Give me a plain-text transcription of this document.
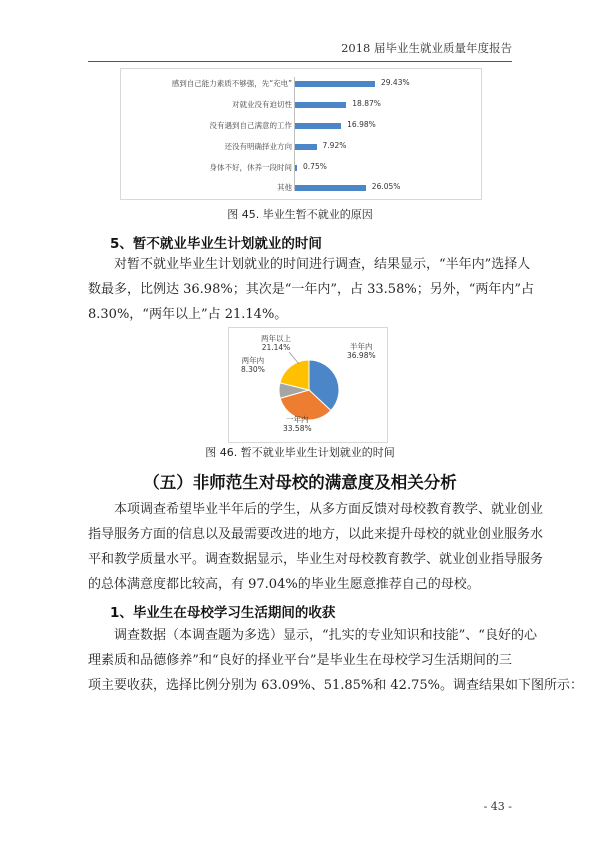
2018 届毕业生就业质量年度报告
感到自己能力素质不够强，先“充电”	29.43%
对就业没有迫切性	18.87%
没有遇到自己满意的工作	16.98%
还没有明确择业方向	7.92%
身体不好，休养一段时间 0.75%
其他	26.05%
图 45. 毕业生暂不就业的原因
5、暂不就业毕业生计划就业的时间
对暂不就业毕业生计划就业的时间进行调查，结果显示，“半年内”选择人
数最多，比例达 36.98%；其次是“一年内”，占 33.58%；另外，“两年内”占
8.30%，“两年以上”占 21.14%。
两年以上
21.14%
两年内
8.30%
半年内
36.98%
一年内
33.58%
图 46. 暂不就业毕业生计划就业的时间
（五）非师范生对母校的满意度及相关分析
本项调查希望毕业半年后的学生，从多方面反馈对母校教育教学、就业创业
指导服务方面的信息以及最需要改进的地方，以此来提升母校的就业创业服务水
平和教学质量水平。调查数据显示，毕业生对母校教育教学、就业创业指导服务
的总体满意度都比较高，有 97.04%的毕业生愿意推荐自己的母校。
1、毕业生在母校学习生活期间的收获
调查数据（本调查题为多选）显示，“扎实的专业知识和技能”、“良好的心
理素质和品德修养”和“良好的择业平台”是毕业生在母校学习生活期间的三
项主要收获，选择比例分别为 63.09%、51.85%和 42.75%。调查结果如下图所示：
- 43 -
